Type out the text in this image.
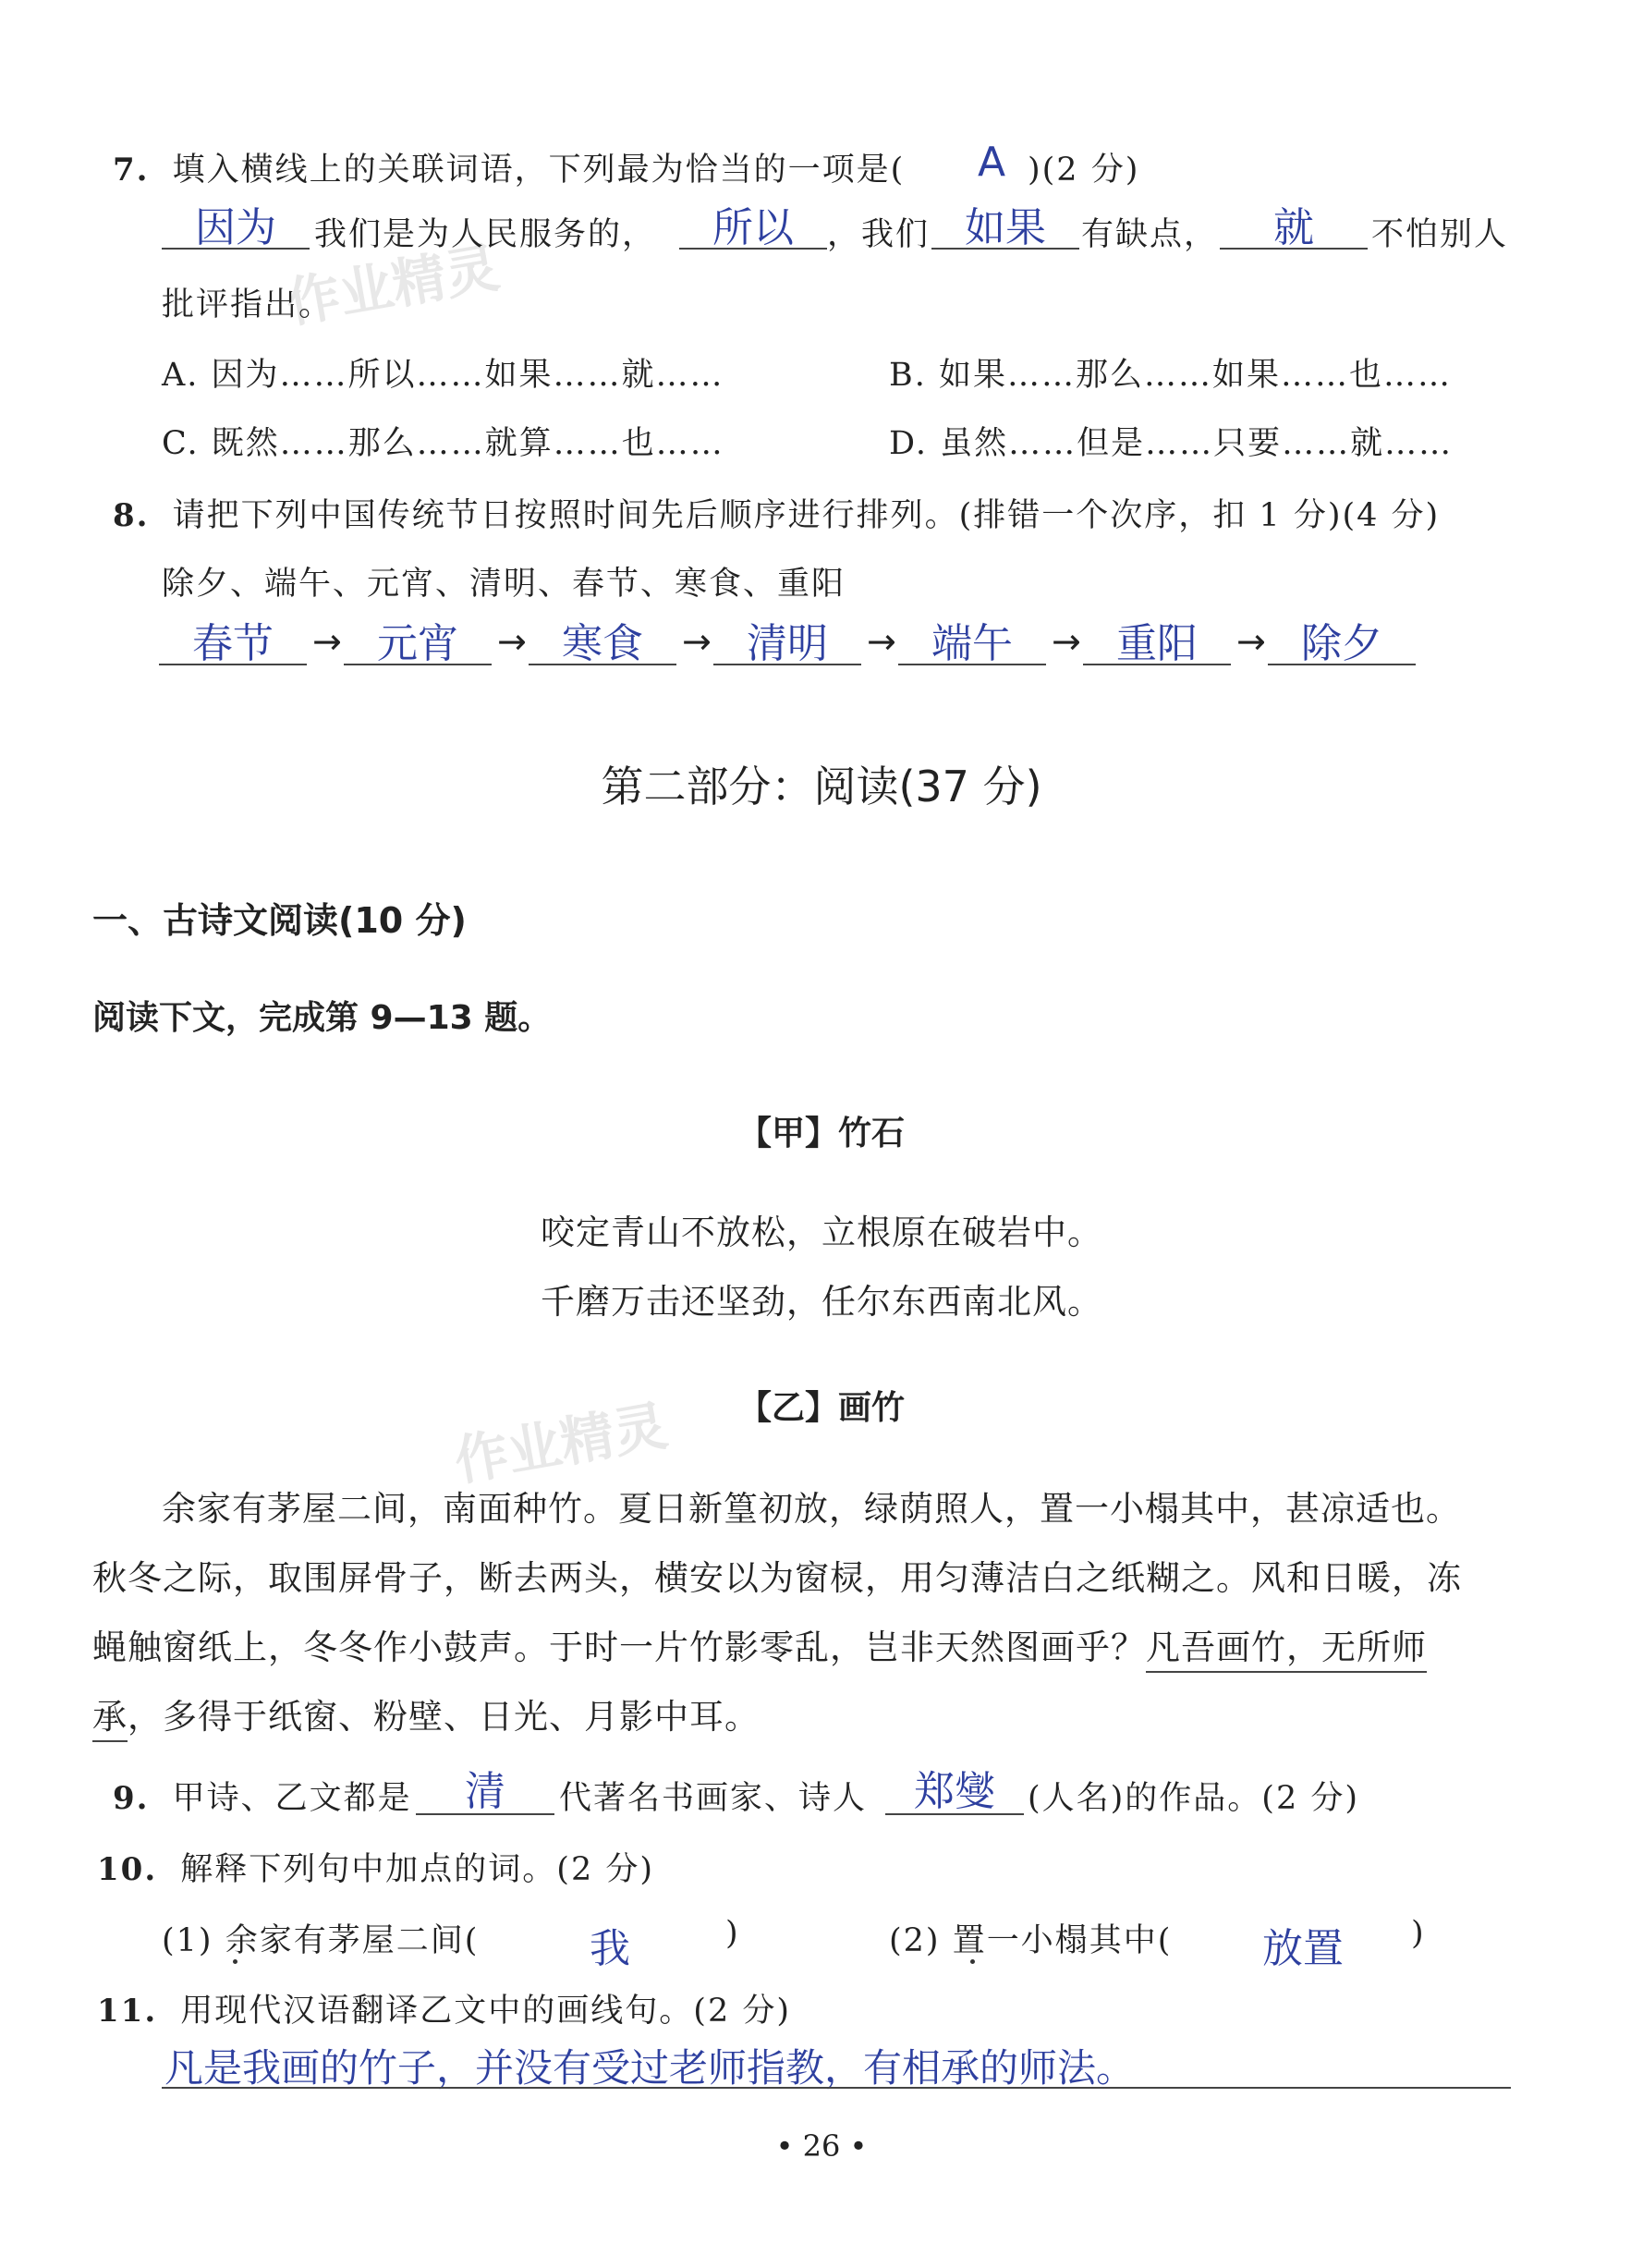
作业精灵
作业精灵
7. 填入横线上的关联词语，下列最为恰当的一项是(	A )(2 分)
因为	我们是为人民服务的，	所以	，我们 如果	有缺点，	就	不怕别人
批评指出。
A. 因为……所以……如果……就……	B. 如果……那么……如果……也……
C. 既然……那么……就算……也……	D. 虽然……但是……只要……就……
8. 请把下列中国传统节日按照时间先后顺序进行排列。(排错一个次序，扣 1 分)(4 分)
除夕、端午、元宵、清明、春节、寒食、重阳
春节	→ 元宵	→ 寒食	→ 清明	→ 端午	→ 重阳	→ 除夕
第二部分：阅读(37 分)
一、古诗文阅读(10 分)
阅读下文，完成第 9—13 题。
【甲】竹石
咬定青山不放松，立根原在破岩中。
千磨万击还坚劲，任尔东西南北风。
【乙】画竹
余家有茅屋二间，南面种竹。夏日新篁初放，绿荫照人，置一小榻其中，甚凉适也。
秋冬之际，取围屏骨子，断去两头，横安以为窗棂，用匀薄洁白之纸糊之。风和日暖，冻
蝇触窗纸上，冬冬作小鼓声。于时一片竹影零乱，岂非天然图画乎？凡吾画竹，无所师
承，多得于纸窗、粉壁、日光、月影中耳。
9. 甲诗、乙文都是	清	代著名书画家、诗人	郑燮	(人名)的作品。(2 分)
10. 解释下列句中加点的词。(2 分)
(1) 余家有茅屋二间(	我	)	(2) 置一小榻其中(	放置	)
11. 用现代汉语翻译乙文中的画线句。(2 分)
凡是我画的竹子，并没有受过老师指教，有相承的师法。
• 26 •
